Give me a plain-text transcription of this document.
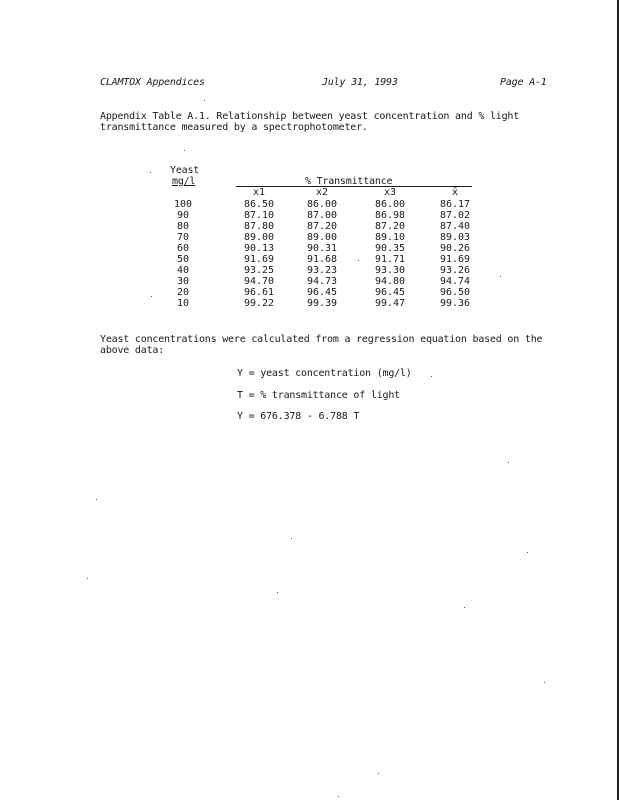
CLAMTOX Appendices	July 31, 1993	Page A-1
Appendix Table A.1. Relationship between yeast concentration and % light
transmittance measured by a spectrophotometer.
Yeast
mg/l	% Transmittance
x1	x2	x3	x̄
100	86.50	86.00	86.00	86.17
90	87.10	87.00	86.98	87.02
80	87.80	87.20	87.20	87.40
70	89.00	89.00	89.10	89.03
60	90.13	90.31	90.35	90.26
50	91.69	91.68	91.71	91.69
40	93.25	93.23	93.30	93.26
30	94.70	94.73	94.80	94.74
20	96.61	96.45	96.45	96.50
10	99.22	99.39	99.47	99.36
Yeast concentrations were calculated from a regression equation based on the
above data:
Y = yeast concentration (mg/l)
T = % transmittance of light
Y = 676.378 - 6.788 T
